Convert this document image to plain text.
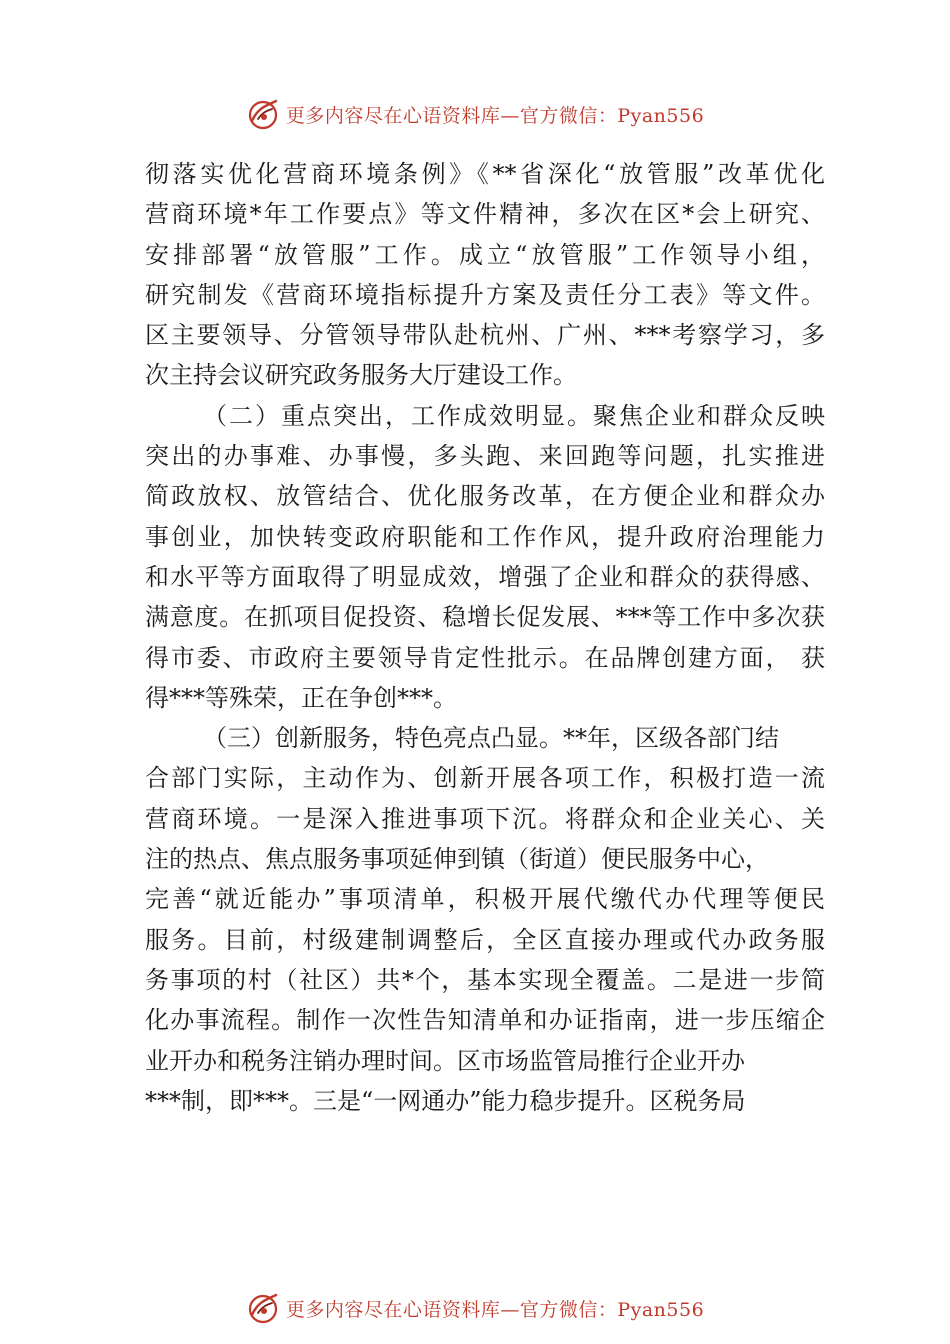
更多内容尽在心语资料库—官方微信：Pyan556
彻落实优化营商环境条例》《**省深化“放管服”改革优化
营商环境*年工作要点》等文件精神，多次在区*会上研究、
安排部署“放管服”工作。成立“放管服”工作领导小组，
研究制发《营商环境指标提升方案及责任分工表》等文件。
区主要领导、分管领导带队赴杭州、广州、***考察学习，多
次主持会议研究政务服务大厅建设工作。
（二）重点突出，工作成效明显。聚焦企业和群众反映
突出的办事难、办事慢，多头跑、来回跑等问题，扎实推进
简政放权、放管结合、优化服务改革，在方便企业和群众办
事创业，加快转变政府职能和工作作风，提升政府治理能力
和水平等方面取得了明显成效，增强了企业和群众的获得感、
满意度。在抓项目促投资、稳增长促发展、***等工作中多次获
得市委、市政府主要领导肯定性批示。在品牌创建方面， 获
得***等殊荣，正在争创***。
（三）创新服务，特色亮点凸显。**年，区级各部门结
合部门实际，主动作为、创新开展各项工作，积极打造一流
营商环境。一是深入推进事项下沉。将群众和企业关心、关
注的热点、焦点服务事项延伸到镇（街道）便民服务中心，
完善“就近能办”事项清单，积极开展代缴代办代理等便民
服务。目前，村级建制调整后，全区直接办理或代办政务服
务事项的村（社区）共*个，基本实现全覆盖。二是进一步简
化办事流程。制作一次性告知清单和办证指南，进一步压缩企
业开办和税务注销办理时间。区市场监管局推行企业开办
***制，即***。三是“一网通办”能力稳步提升。区税务局
更多内容尽在心语资料库—官方微信：Pyan556
